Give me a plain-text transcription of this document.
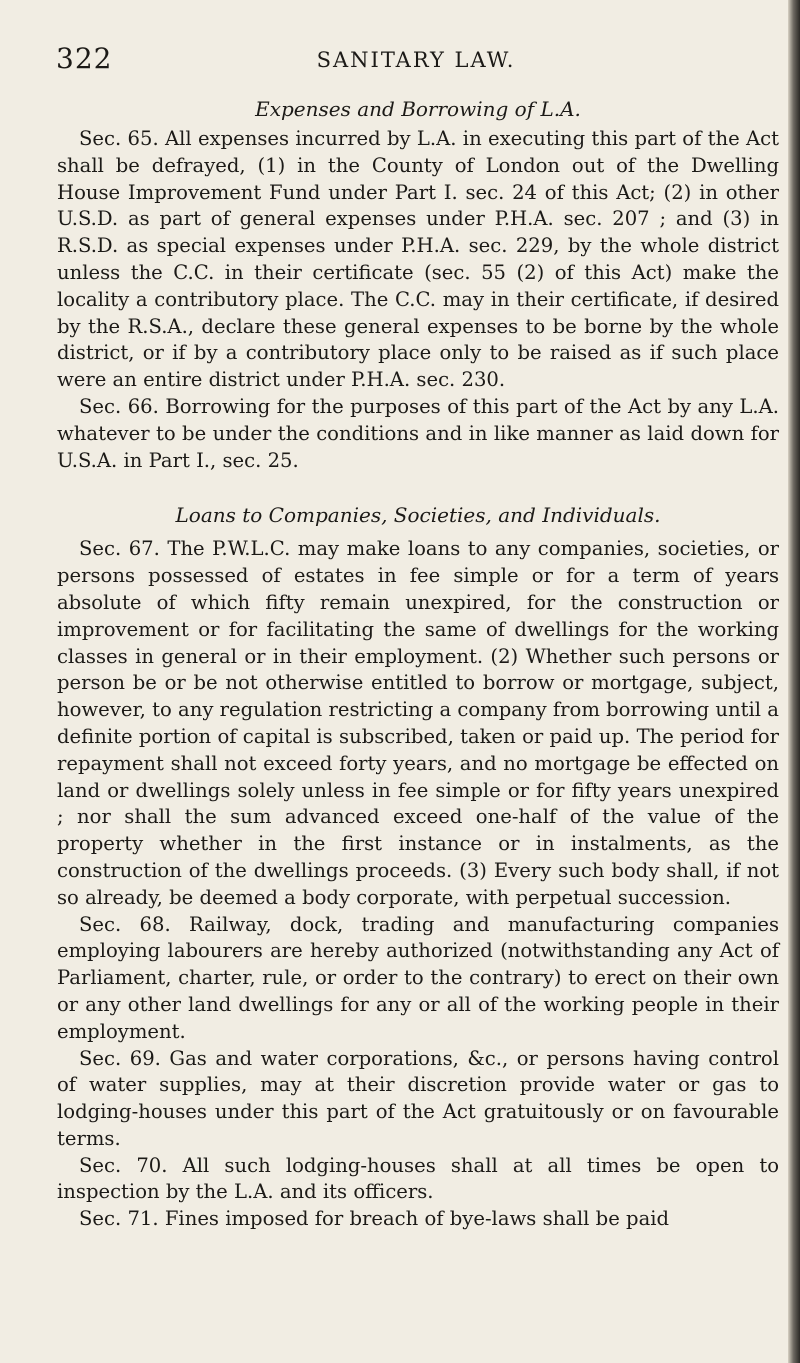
322	SANITARY LAW.
Expenses and Borrowing of L.A.

Sec. 65. All expenses incurred by L.A. in executing this part of the Act shall be defrayed, (1) in the County of London out of the Dwelling House Improvement Fund under Part I. sec. 24 of this Act; (2) in other U.S.D. as part of general expenses under P.H.A. sec. 207 ; and (3) in R.S.D. as special expenses under P.H.A. sec. 229, by the whole district unless the C.C. in their certificate (sec. 55 (2) of this Act) make the locality a contributory place. The C.C. may in their certificate, if desired by the R.S.A., declare these general expenses to be borne by the whole district, or if by a contributory place only to be raised as if such place were an entire district under P.H.A. sec. 230.

Sec. 66. Borrowing for the purposes of this part of the Act by any L.A. whatever to be under the conditions and in like manner as laid down for U.S.A. in Part I., sec. 25.

Loans to Companies, Societies, and Individuals.

Sec. 67. The P.W.L.C. may make loans to any companies, societies, or persons possessed of estates in fee simple or for a term of years absolute of which fifty remain unexpired, for the construction or improvement or for facilitating the same of dwellings for the working classes in general or in their employment. (2) Whether such persons or person be or be not otherwise entitled to borrow or mortgage, subject, however, to any regulation restricting a company from borrowing until a definite portion of capital is subscribed, taken or paid up. The period for repayment shall not exceed forty years, and no mortgage be effected on land or dwellings solely unless in fee simple or for fifty years unexpired ; nor shall the sum advanced exceed one-half of the value of the property whether in the first instance or in instalments, as the construction of the dwellings proceeds. (3) Every such body shall, if not so already, be deemed a body corporate, with perpetual succession.

Sec. 68. Railway, dock, trading and manufacturing companies employing labourers are hereby authorized (notwithstanding any Act of Parliament, charter, rule, or order to the contrary) to erect on their own or any other land dwellings for any or all of the working people in their employment.

Sec. 69. Gas and water corporations, &c., or persons having control of water supplies, may at their discretion provide water or gas to lodging-houses under this part of the Act gratuitously or on favourable terms.

Sec. 70. All such lodging-houses shall at all times be open to inspection by the L.A. and its officers.

Sec. 71. Fines imposed for breach of bye-laws shall be paid
